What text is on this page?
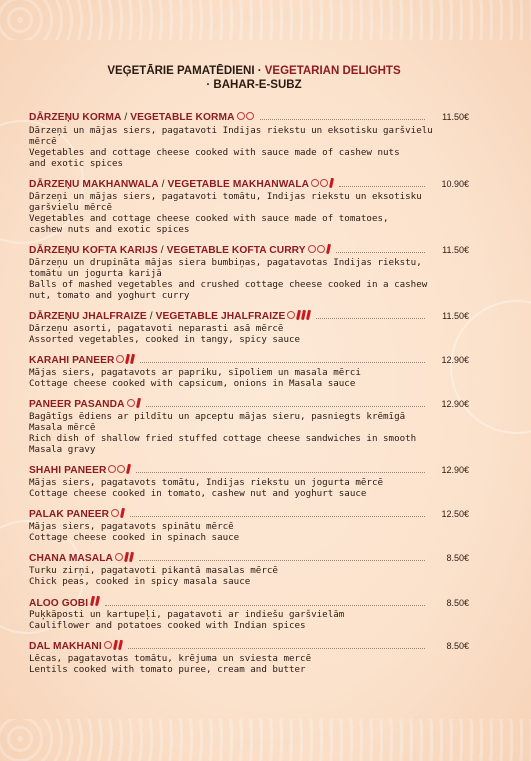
VEĢETĀRIE PAMATĒDIENI · VEGETARIAN DELIGHTS
· BAHAR-E-SUBZ
DĀRZEŅU KORMA / VEGETABLE KORMA	11.50€
Dārzeņi un mājas siers, pagatavoti Indijas riekstu un eksotisku garšvielu mērcē
Vegetables and cottage cheese cooked with sauce made of cashew nuts
and exotic spices
DĀRZEŅU MAKHANWALA / VEGETABLE MAKHANWALA	10.90€
Dārzeņi un mājas siers, pagatavoti tomātu, Indijas riekstu un eksotisku
garšvielu mērcē
Vegetables and cottage cheese cooked with sauce made of tomatoes,
cashew nuts and exotic spices
DĀRZEŅU KOFTA KARIJS / VEGETABLE KOFTA CURRY	11.50€
Dārzeņu un drupināta mājas siera bumbiņas, pagatavotas Indijas riekstu,
tomātu un jogurta karijā
Balls of mashed vegetables and crushed cottage cheese cooked in a cashew
nut, tomato and yoghurt curry
DĀRZEŅU JHALFRAIZE / VEGETABLE JHALFRAIZE	11.50€
Dārzeņu asorti, pagatavoti neparasti asā mērcē
Assorted vegetables, cooked in tangy, spicy sauce
KARAHI PANEER	12.90€
Mājas siers, pagatavots ar papriku, sīpoliem un masala mērci
Cottage cheese cooked with capsicum, onions in Masala sauce
PANEER PASANDA	12.90€
Bagātīgs ēdiens ar pildītu un apceptu mājas sieru, pasniegts krēmīgā
Masala mērcē
Rich dish of shallow fried stuffed cottage cheese sandwiches in smooth
Masala gravy
SHAHI PANEER	12.90€
Mājas siers, pagatavots tomātu, Indijas riekstu un jogurta mērcē
Cottage cheese cooked in tomato, cashew nut and yoghurt sauce
PALAK PANEER	12.50€
Mājas siers, pagatavots spinātu mērcē
Cottage cheese cooked in spinach sauce
CHANA MASALA	8.50€
Turku zirņi, pagatavoti pikantā masalas mērcē
Chick peas, cooked in spicy masala sauce
ALOO GOBI	8.50€
Puķkāposti un kartupeļi, pagatavoti ar indiešu garšvielām
Cauliflower and potatoes cooked with Indian spices
DAL MAKHANI	8.50€
Lēcas, pagatavotas tomātu, krējuma un sviesta mercē
Lentils cooked with tomato puree, cream and butter
